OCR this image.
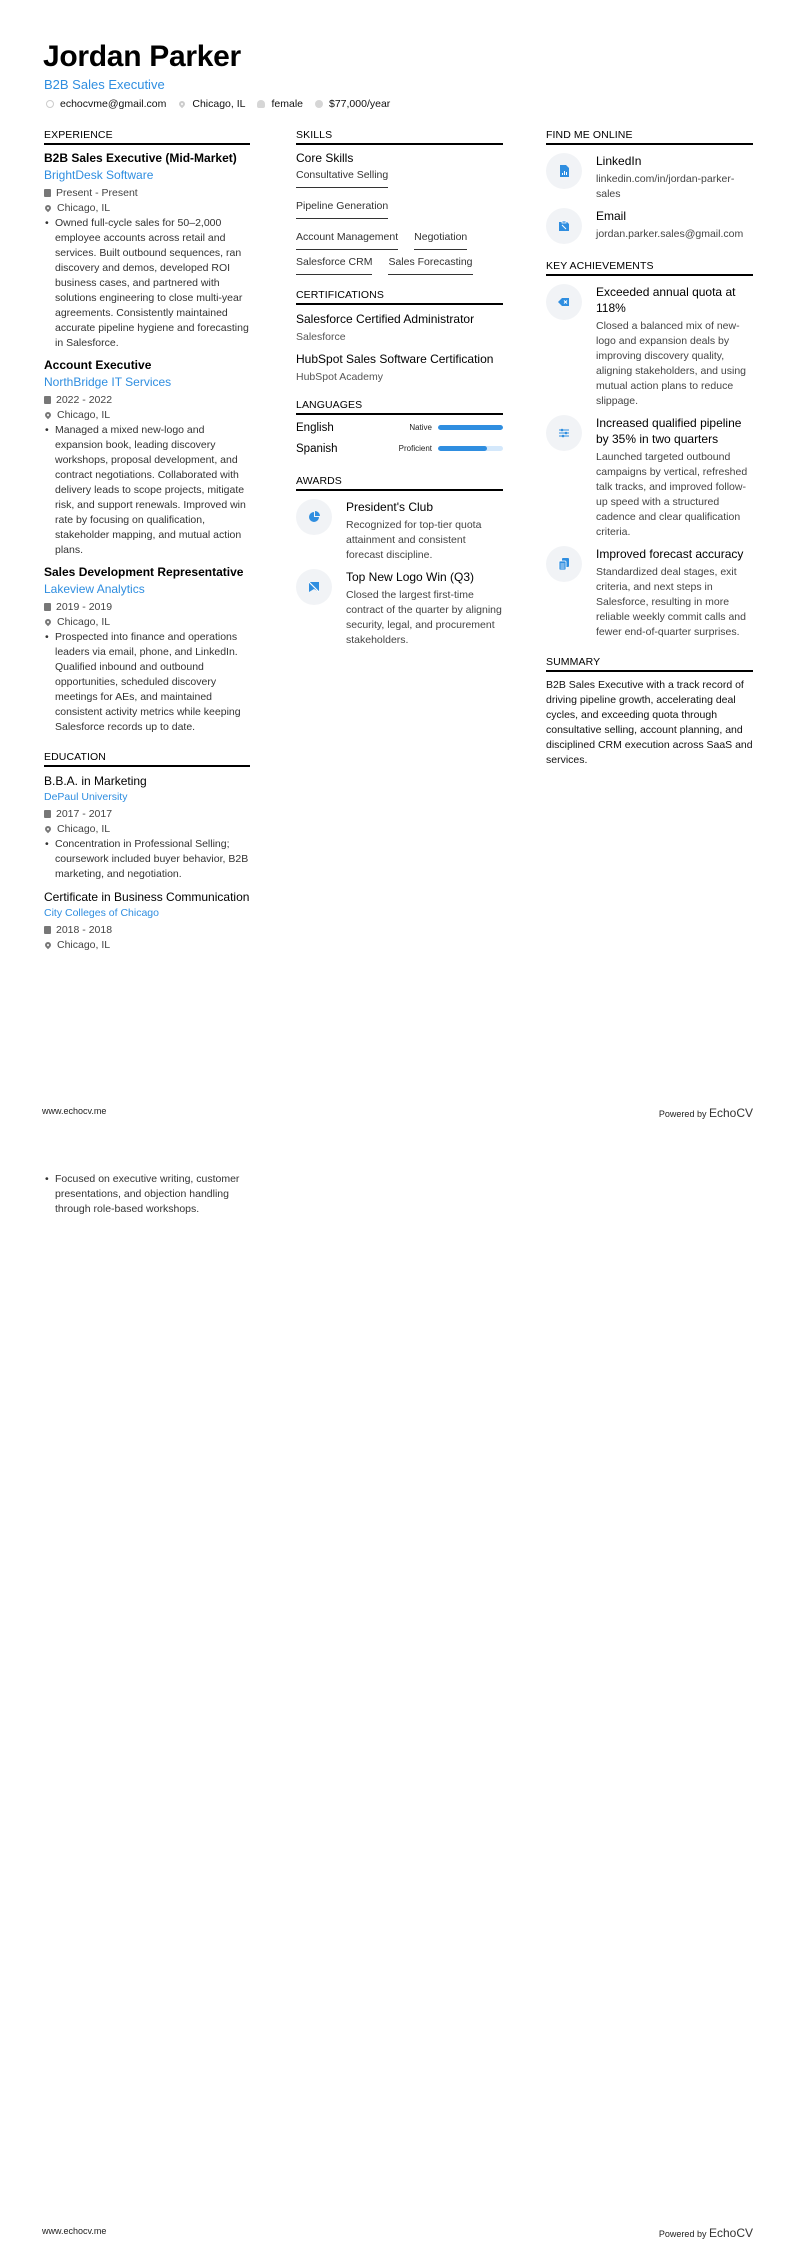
Jordan Parker
B2B Sales Executive
echocvme@gmail.com Chicago, IL female $77,000/year
EXPERIENCE
B2B Sales Executive (Mid-Market)
BrightDesk Software
Present - Present
Chicago, IL
• Owned full-cycle sales for 50–2,000 employee accounts across retail and services. Built outbound sequences, ran discovery and demos, developed ROI business cases, and partnered with solutions engineering to close multi-year agreements. Consistently maintained accurate pipeline hygiene and forecasting in Salesforce.
Account Executive
NorthBridge IT Services
2022 - 2022
Chicago, IL
• Managed a mixed new-logo and expansion book, leading discovery workshops, proposal development, and contract negotiations. Collaborated with delivery leads to scope projects, mitigate risk, and support renewals. Improved win rate by focusing on qualification, stakeholder mapping, and mutual action plans.
Sales Development Representative
Lakeview Analytics
2019 - 2019
Chicago, IL
• Prospected into finance and operations leaders via email, phone, and LinkedIn. Qualified inbound and outbound opportunities, scheduled discovery meetings for AEs, and maintained consistent activity metrics while keeping Salesforce records up to date.
EDUCATION
B.B.A. in Marketing
DePaul University
2017 - 2017
Chicago, IL
• Concentration in Professional Selling; coursework included buyer behavior, B2B marketing, and negotiation.
Certificate in Business Communication
City Colleges of Chicago
2018 - 2018
Chicago, IL
SKILLS
Core Skills
Consultative Selling
Pipeline Generation
Account Management Negotiation
Salesforce CRM Sales Forecasting
CERTIFICATIONS
Salesforce Certified Administrator
Salesforce
HubSpot Sales Software Certification
HubSpot Academy
LANGUAGES
English	Native
Spanish	Proficient
AWARDS
President's Club
Recognized for top-tier quota attainment and consistent forecast discipline.
Top New Logo Win (Q3)
Closed the largest first-time contract of the quarter by aligning security, legal, and procurement stakeholders.
FIND ME ONLINE
LinkedIn
linkedin.com/in/jordan-parker-sales
Email
jordan.parker.sales@gmail.com
KEY ACHIEVEMENTS
Exceeded annual quota at 118%
Closed a balanced mix of new-logo and expansion deals by improving discovery quality, aligning stakeholders, and using mutual action plans to reduce slippage.
Increased qualified pipeline by 35% in two quarters
Launched targeted outbound campaigns by vertical, refreshed talk tracks, and improved follow-up speed with a structured cadence and clear qualification criteria.
Improved forecast accuracy
Standardized deal stages, exit criteria, and next steps in Salesforce, resulting in more reliable weekly commit calls and fewer end-of-quarter surprises.
SUMMARY
B2B Sales Executive with a track record of driving pipeline growth, accelerating deal cycles, and exceeding quota through consultative selling, account planning, and disciplined CRM execution across SaaS and services.
www.echocv.me	Powered by EchoCV
• Focused on executive writing, customer presentations, and objection handling through role-based workshops.
www.echocv.me	Powered by EchoCV
